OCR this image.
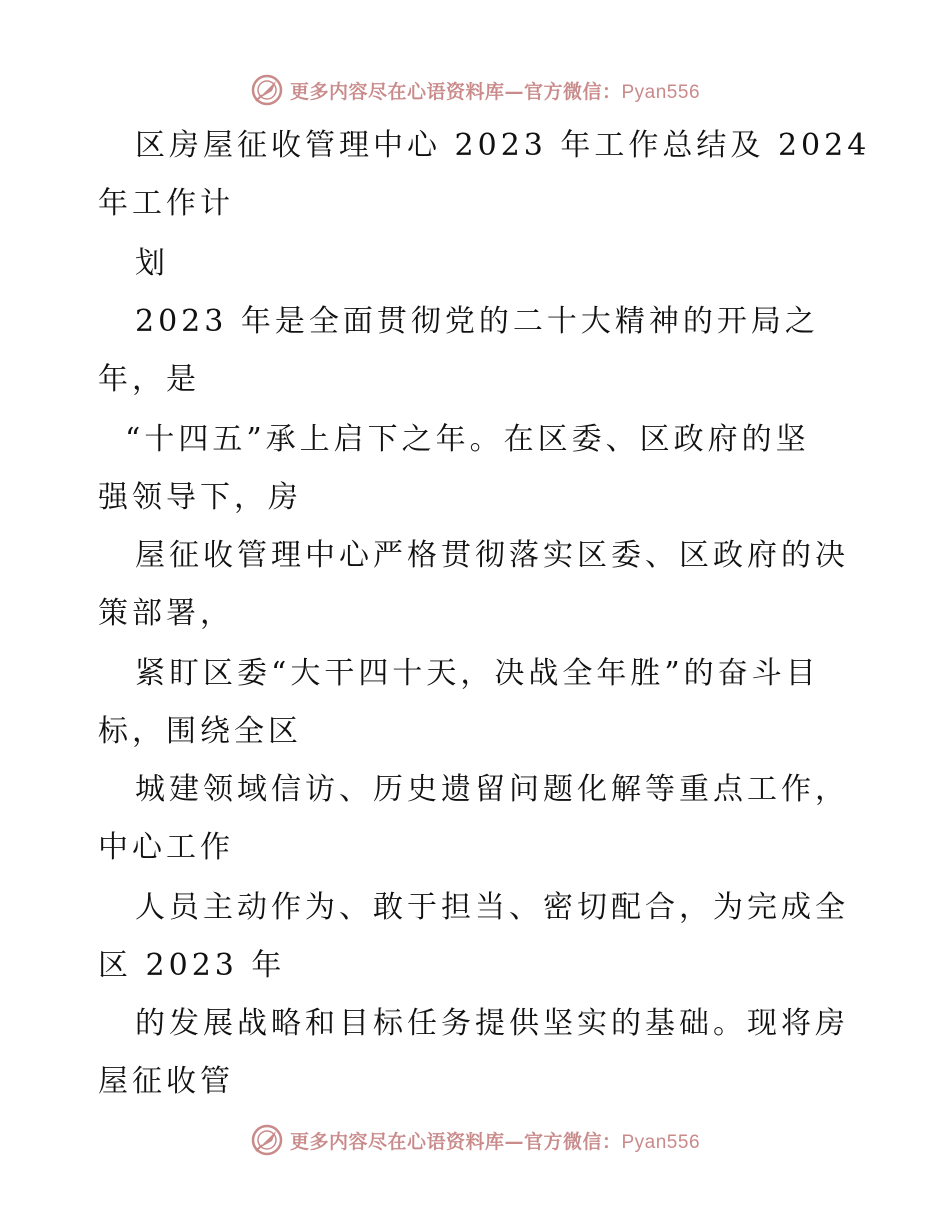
更多内容尽在心语资料库—官方微信：Pyan556
区房屋征收管理中心 2023 年工作总结及 2024
年工作计
划
2023 年是全面贯彻党的二十大精神的开局之
年，是
“十四五”承上启下之年。在区委、区政府的坚
强领导下，房
屋征收管理中心严格贯彻落实区委、区政府的决
策部署，
紧盯区委“大干四十天，决战全年胜”的奋斗目
标，围绕全区
城建领域信访、历史遗留问题化解等重点工作，
中心工作
人员主动作为、敢于担当、密切配合，为完成全
区 2023 年
的发展战略和目标任务提供坚实的基础。现将房
屋征收管
更多内容尽在心语资料库—官方微信：Pyan556
